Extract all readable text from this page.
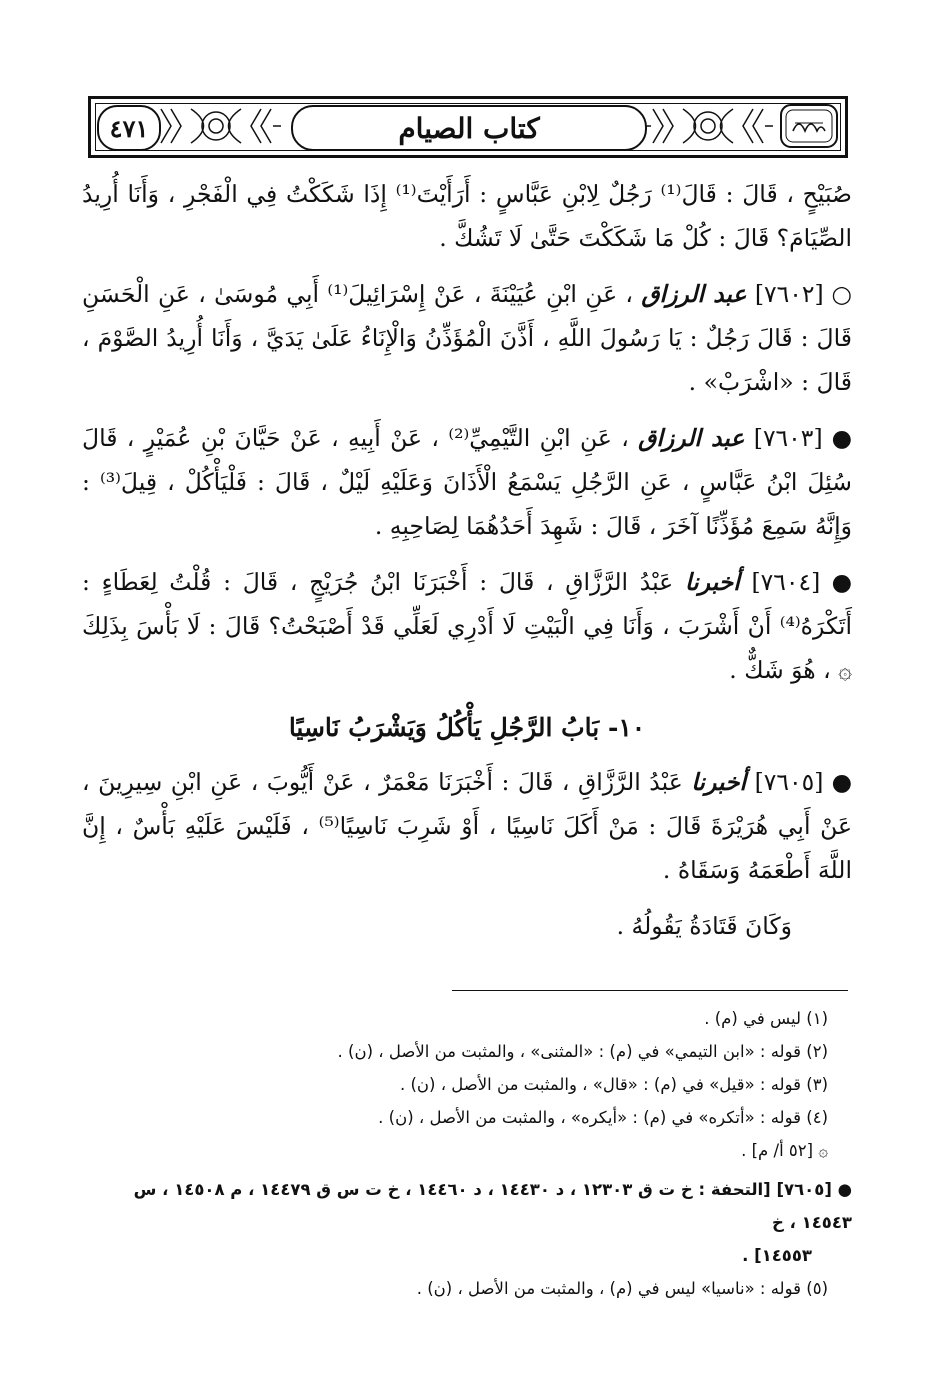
كتاب الصيام
٤٧١

صُبَيْحٍ ، قَالَ : قَالَ⁽¹⁾ رَجُلٌ لِابْنِ عَبَّاسٍ : أَرَأَيْتَ⁽¹⁾ إِذَا شَكَكْتُ فِي الْفَجْرِ ، وَأَنَا أُرِيدُ الصِّيَامَ؟ قَالَ : كُلْ مَا شَكَكْتَ حَتَّىٰ لَا تَشُكَّ .

○ [٧٦٠٢] عبد الرزاق ، عَنِ ابْنِ عُيَيْنَةَ ، عَنْ إِسْرَائِيلَ⁽¹⁾ أَبِي مُوسَىٰ ، عَنِ الْحَسَنِ قَالَ : قَالَ رَجُلٌ : يَا رَسُولَ اللَّهِ ، أَذَّنَ الْمُؤَذِّنُ وَالْإِنَاءُ عَلَىٰ يَدَيَّ ، وَأَنَا أُرِيدُ الصَّوْمَ ، قَالَ : «اشْرَبْ» .

● [٧٦٠٣] عبد الرزاق ، عَنِ ابْنِ التَّيْمِيِّ⁽²⁾ ، عَنْ أَبِيهِ ، عَنْ حَيَّانَ بْنِ عُمَيْرٍ ، قَالَ سُئِلَ ابْنُ عَبَّاسٍ ، عَنِ الرَّجُلِ يَسْمَعُ الْأَذَانَ وَعَلَيْهِ لَيْلٌ ، قَالَ : فَلْيَأْكُلْ ، قِيلَ⁽³⁾ : وَإِنَّهُ سَمِعَ مُؤَذِّنًا آخَرَ ، قَالَ : شَهِدَ أَحَدُهُمَا لِصَاحِبِهِ .

● [٧٦٠٤] أخبرنا عَبْدُ الرَّزَّاقِ ، قَالَ : أَخْبَرَنَا ابْنُ جُرَيْجٍ ، قَالَ : قُلْتُ لِعَطَاءٍ : أَتَكْرَهُ⁽⁴⁾ أَنْ أَشْرَبَ ، وَأَنَا فِي الْبَيْتِ لَا أَدْرِي لَعَلِّي قَدْ أَصْبَحْتُ؟ قَالَ : لَا بَأْسَ بِذَلِكَ ۞ ، هُوَ شَكٌّ .

١٠- بَابُ الرَّجُلِ يَأْكُلُ وَيَشْرَبُ نَاسِيًا

● [٧٦٠٥] أخبرنا عَبْدُ الرَّزَّاقِ ، قَالَ : أَخْبَرَنَا مَعْمَرٌ ، عَنْ أَيُّوبَ ، عَنِ ابْنِ سِيرِينَ ، عَنْ أَبِي هُرَيْرَةَ قَالَ : مَنْ أَكَلَ نَاسِيًا ، أَوْ شَرِبَ نَاسِيًا⁽⁵⁾ ، فَلَيْسَ عَلَيْهِ بَأْسٌ ، إِنَّ اللَّهَ أَطْعَمَهُ وَسَقَاهُ .

وَكَانَ قَتَادَةُ يَقُولُهُ .

(١) ليس في (م) .

(٢) قوله : «ابن التيمي» في (م) : «المثنى» ، والمثبت من الأصل ، (ن) .

(٣) قوله : «قيل» في (م) : «قال» ، والمثبت من الأصل ، (ن) .

(٤) قوله : «أتكره» في (م) : «أيكره» ، والمثبت من الأصل ، (ن) .

۞ [٥٢ أ/ م] .

● [٧٦٠٥] [التحفة : خ ت ق ١٢٣٠٣ ، د ١٤٤٣٠ ، د ١٤٤٦٠ ، خ ت س ق ١٤٤٧٩ ، م ١٤٥٠٨ ، س ١٤٥٤٣ ، خ
١٤٥٥٣] .

(٥) قوله : «ناسيا» ليس في (م) ، والمثبت من الأصل ، (ن) .
